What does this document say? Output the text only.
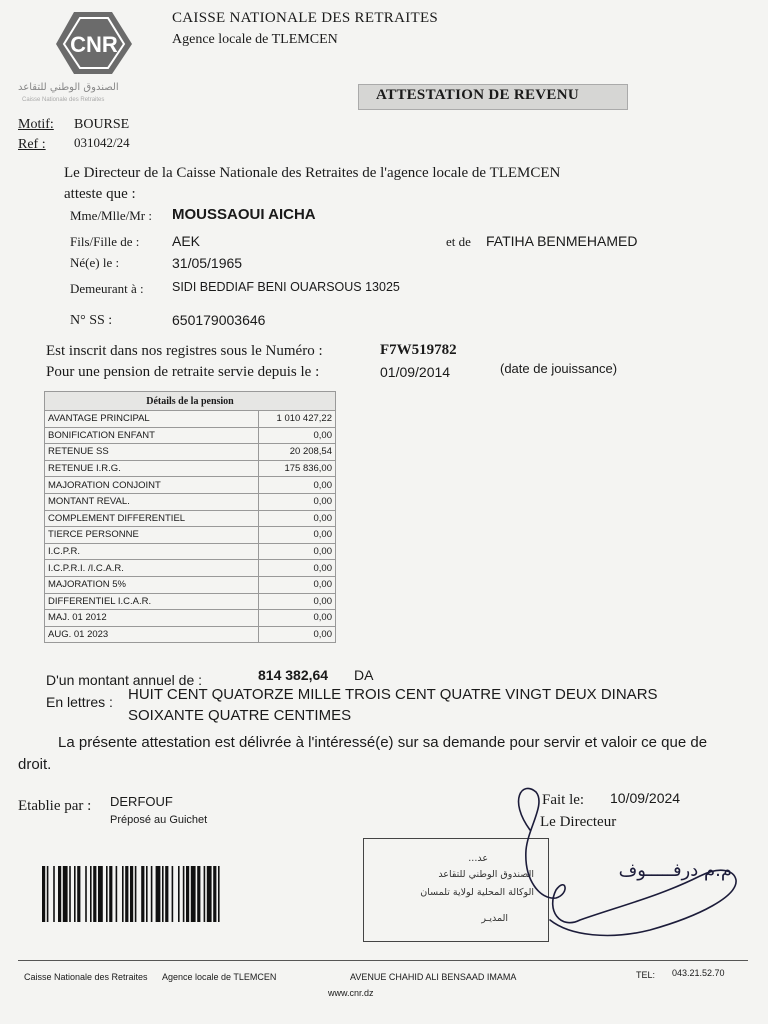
CNR
الصندوق الوطني للتقاعد
Caisse Nationale des Retraites
CAISSE NATIONALE DES RETRAITES
Agence locale de TLEMCEN
ATTESTATION DE REVENU
Motif: BOURSE
Ref : 031042/24
Le Directeur de la Caisse Nationale des Retraites de l'agence locale de TLEMCEN
atteste que :
Mme/Mlle/Mr : MOUSSAOUI AICHA
Fils/Fille de : AEK	et de FATIHA BENMEHAMED
Né(e) le :	31/05/1965
Demeurant à : SIDI BEDDIAF BENI OUARSOUS 13025
N° SS :	650179003646
Est inscrit dans nos registres sous le Numéro :	F7W519782
Pour une pension de retraite servie depuis le :	01/09/2014	(date de jouissance)
Détails de la pension	
AVANTAGE PRINCIPAL	1 010 427,22
BONIFICATION ENFANT	0,00
RETENUE SS	20 208,54
RETENUE I.R.G.	175 836,00
MAJORATION CONJOINT	0,00
MONTANT REVAL.	0,00
COMPLEMENT DIFFERENTIEL	0,00
TIERCE PERSONNE	0,00
I.C.P.R.	0,00
I.C.P.R.I. /I.C.A.R.	0,00
MAJORATION 5%	0,00
DIFFERENTIEL I.C.A.R.	0,00
MAJ. 01 2012	0,00
AUG. 01 2023	0,00
D'un montant annuel de :	814 382,64 DA
En lettres : HUIT CENT QUATORZE MILLE TROIS CENT QUATRE VINGT DEUX DINARS
SOIXANTE QUATRE CENTIMES
La présente attestation est délivrée à l'intéressé(e) sur sa demande pour servir et valoir ce que de
droit.
Etablie par : DERFOUF
Préposé au Guichet
Fait le: 10/09/2024
Le Directeur
...عد
الصندوق الوطني للتقاعد
الوكالة المحلية لولاية تلمسان
المديـر
م.م درفـــــوف
Caisse Nationale des Retraites Agence locale de TLEMCEN	AVENUE CHAHID ALI BENSAAD IMAMA	TEL: 043.21.52.70
www.cnr.dz
